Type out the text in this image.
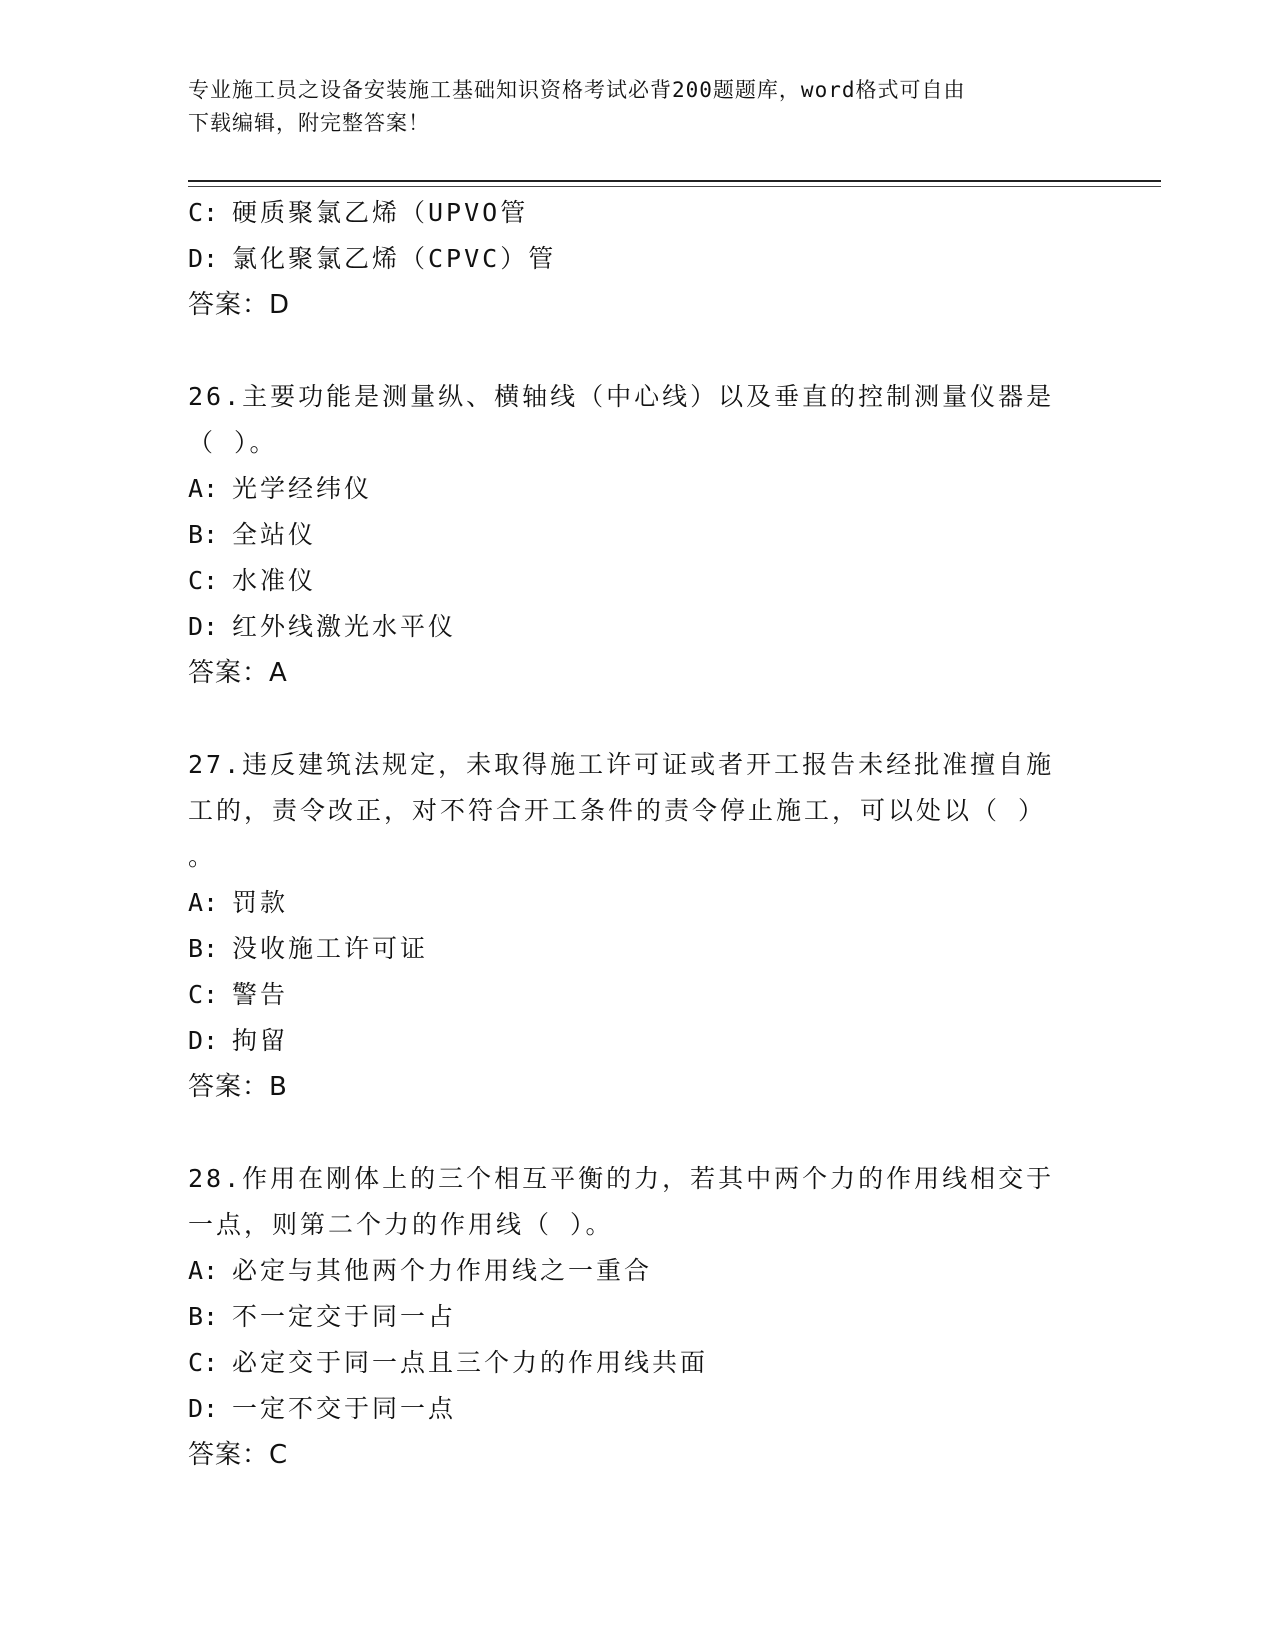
专业施工员之设备安装施工基础知识资格考试必背200题题库，word格式可自由
下载编辑，附完整答案！
C: 硬质聚氯乙烯（UPVO管
D: 氯化聚氯乙烯（CPVC）管
答案：D
26.主要功能是测量纵、横轴线（中心线）以及垂直的控制测量仪器是
（ ）。
A: 光学经纬仪
B: 全站仪
C: 水准仪
D: 红外线激光水平仪
答案：A
27.违反建筑法规定，未取得施工许可证或者开工报告未经批准擅自施
工的，责令改正，对不符合开工条件的责令停止施工，可以处以（ ）
。
A: 罚款
B: 没收施工许可证
C: 警告
D: 拘留
答案：B
28.作用在刚体上的三个相互平衡的力，若其中两个力的作用线相交于
一点，则第二个力的作用线（ ）。
A: 必定与其他两个力作用线之一重合
B: 不一定交于同一占
C: 必定交于同一点且三个力的作用线共面
D: 一定不交于同一点
答案：C
